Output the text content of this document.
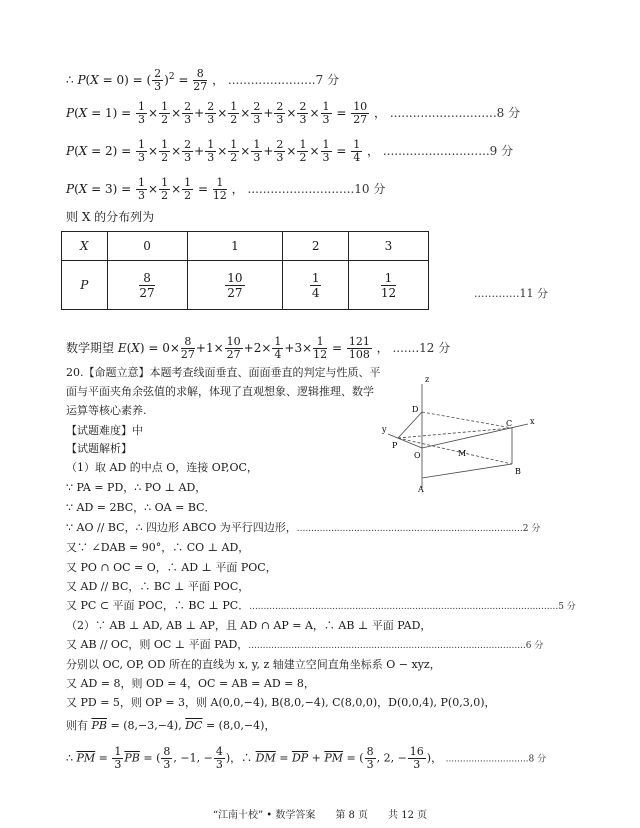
∴ P(X = 0) = ( $\frac{2}{3} )^2 = \frac{8}{27}$ ， .......................7 分
$P(X = 1) = \frac{1}{3} \times \frac{1}{2} \times \frac{2}{3} + \frac{2}{3} \times \frac{1}{2} \times \frac{2}{3} + \frac{2}{3} \times \frac{2}{3} \times \frac{1}{3} = \frac{10}{27}$ ， ............................8 分
$P(X = 2) = \frac{1}{3} \times \frac{1}{2} \times \frac{2}{3} + \frac{1}{3} \times \frac{1}{2} \times \frac{1}{3} + \frac{2}{3} \times \frac{1}{2} \times \frac{1}{3} = \frac{1}{4}$ ， ............................9 分
$P(X = 3) = \frac{1}{3} \times \frac{1}{2} \times \frac{1}{2} = \frac{1}{12}$ ， ............................10 分
则 X 的分布列为
X	0	1	2	3
P	$\frac{8}{27}$	$\frac{10}{27}$	$\frac{1}{4}$	$\frac{1}{12}$	.............11 分
数学期望 $E(X) = 0\times \frac{8}{27} +1\times \frac{10}{27} +2\times \frac{1}{4} +3\times \frac{1}{12} = \frac{121}{108}$ ， .......12 分
20.【命题立意】本题考查线面垂直、面面垂直的判定与性质、平
面与平面夹角余弦值的求解，体现了直观想象、逻辑推理、数学
运算等核心素养.
【试题难度】中
【试题解析】
（1）取 AD 的中点 O，连接 OP,OC，
∵ PA = PD，∴ PO ⊥ AD，
∵ AD = 2BC，∴ OA = BC．
∵ AO // BC，∴ 四边形 ABCO 为平行四边形，...............................................................................2 分
又∵ ∠DAB = 90°，∴ CO ⊥ AD，
又 PO ∩ OC = O，∴ AD ⊥ 平面 POC，
又 AD // BC，∴ BC ⊥ 平面 POC，
又 PC ⊂ 平面 POC，∴ BC ⊥ PC．............................................................................................................5 分
（2）∵ AB ⊥ AD, AB ⊥ AP，且 AD ∩ AP = A，∴ AB ⊥ 平面 PAD，
又 AB // OC，则 OC ⊥ 平面 PAD，.................................................................................................6 分
分别以 OC, OP, OD 所在的直线为 x, y, z 轴建立空间直角坐标系 O − xyz，
又 AD = 8，则 OD = 4，OC = AB = AD = 8，
又 PD = 5，则 OP = 3，则 A(0,0,−4), B(8,0,−4), C(8,0,0)，D(0,0,4), P(0,3,0)，
则有 $\overline{PB} = (8,-3,-4)$, $\overline{DC} = (8,0,-4)$，
∴ $\overline{PM} = \frac{1}{3} \overline{PB}$ = ( $\frac{8}{3}$ , −1, − $\frac{4}{3}$ )，∴ $\overline{DM} = \overline{DP} + \overline{PM}$ = ( $\frac{8}{3}$ , 2, − $\frac{16}{3}$ )， .............................8 分
z
D
P
y
O	M
C x
B
A
“江南十校” • 数学答案　　第 8 页　　共 12 页
